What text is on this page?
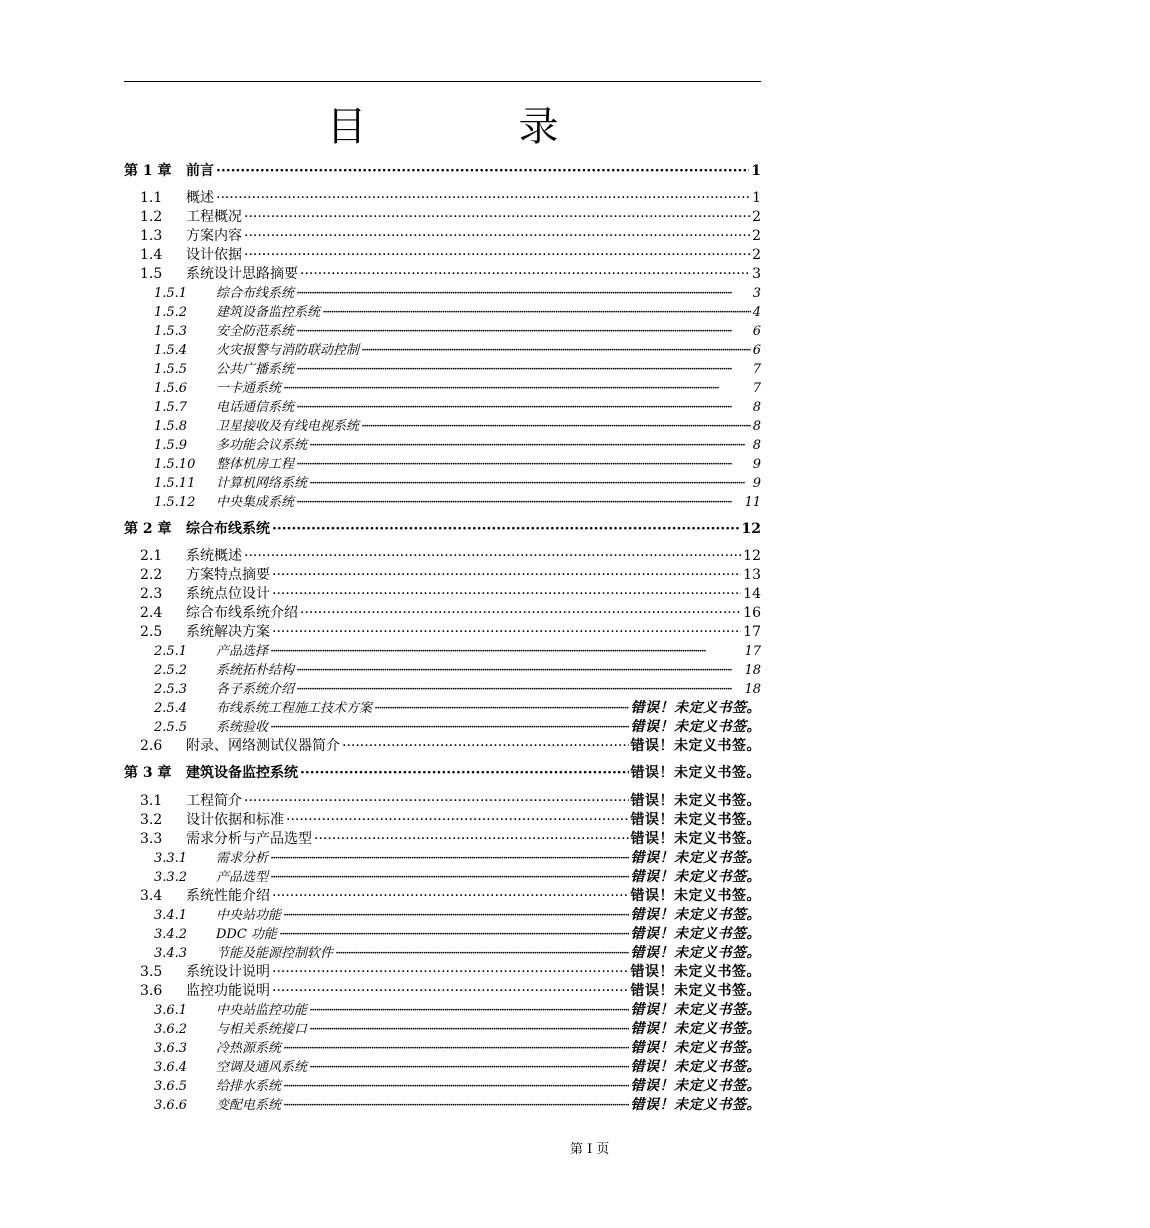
目　录
第 1 章	前言 ·····	1
1.1	概述 ·····	1
1.2	工程概况 ·····	2
1.3	方案内容 ·····	2
1.4	设计依据 ·····	2
1.5	系统设计思路摘要 ·····	3
1.5.1	综合布线系统 ·····	3
1.5.2	建筑设备监控系统 ·····	4
1.5.3	安全防范系统 ·····	6
1.5.4	火灾报警与消防联动控制 ·····	6
1.5.5	公共广播系统 ·····	7
1.5.6	一卡通系统 ·····	7
1.5.7	电话通信系统 ·····	8
1.5.8	卫星接收及有线电视系统 ·····	8
1.5.9	多功能会议系统 ·····	8
1.5.10	整体机房工程 ·····	9
1.5.11	计算机网络系统 ·····	9
1.5.12	中央集成系统 ·····	11
第 2 章	综合布线系统 ·····	12
2.1	系统概述 ·····	12
2.2	方案特点摘要 ·····	13
2.3	系统点位设计 ·····	14
2.4	综合布线系统介绍 ·····	16
2.5	系统解决方案 ·····	17
2.5.1	产品选择 ·····	17
2.5.2	系统拓朴结构 ·····	18
2.5.3	各子系统介绍 ·····	18
2.5.4	布线系统工程施工技术方案 ·····	错误！未定义书签。
2.5.5	系统验收 ·····	错误！未定义书签。
2.6	附录、网络测试仪器简介 ·····	错误！未定义书签。
第 3 章	建筑设备监控系统 ·····	错误！未定义书签。
3.1	工程简介 ·····	错误！未定义书签。
3.2	设计依据和标准 ·····	错误！未定义书签。
3.3	需求分析与产品选型 ·····	错误！未定义书签。
3.3.1	需求分析 ·····	错误！未定义书签。
3.3.2	产品选型 ·····	错误！未定义书签。
3.4	系统性能介绍 ·····	错误！未定义书签。
3.4.1	中央站功能 ·····	错误！未定义书签。
3.4.2	DDC 功能 ·····	错误！未定义书签。
3.4.3	节能及能源控制软件 ·····	错误！未定义书签。
3.5	系统设计说明 ·····	错误！未定义书签。
3.6	监控功能说明 ·····	错误！未定义书签。
3.6.1	中央站监控功能 ·····	错误！未定义书签。
3.6.2	与相关系统接口 ·····	错误！未定义书签。
3.6.3	冷热源系统 ·····	错误！未定义书签。
3.6.4	空调及通风系统 ·····	错误！未定义书签。
3.6.5	给排水系统 ·····	错误！未定义书签。
3.6.6	变配电系统 ·····	错误！未定义书签。
第 I 页
